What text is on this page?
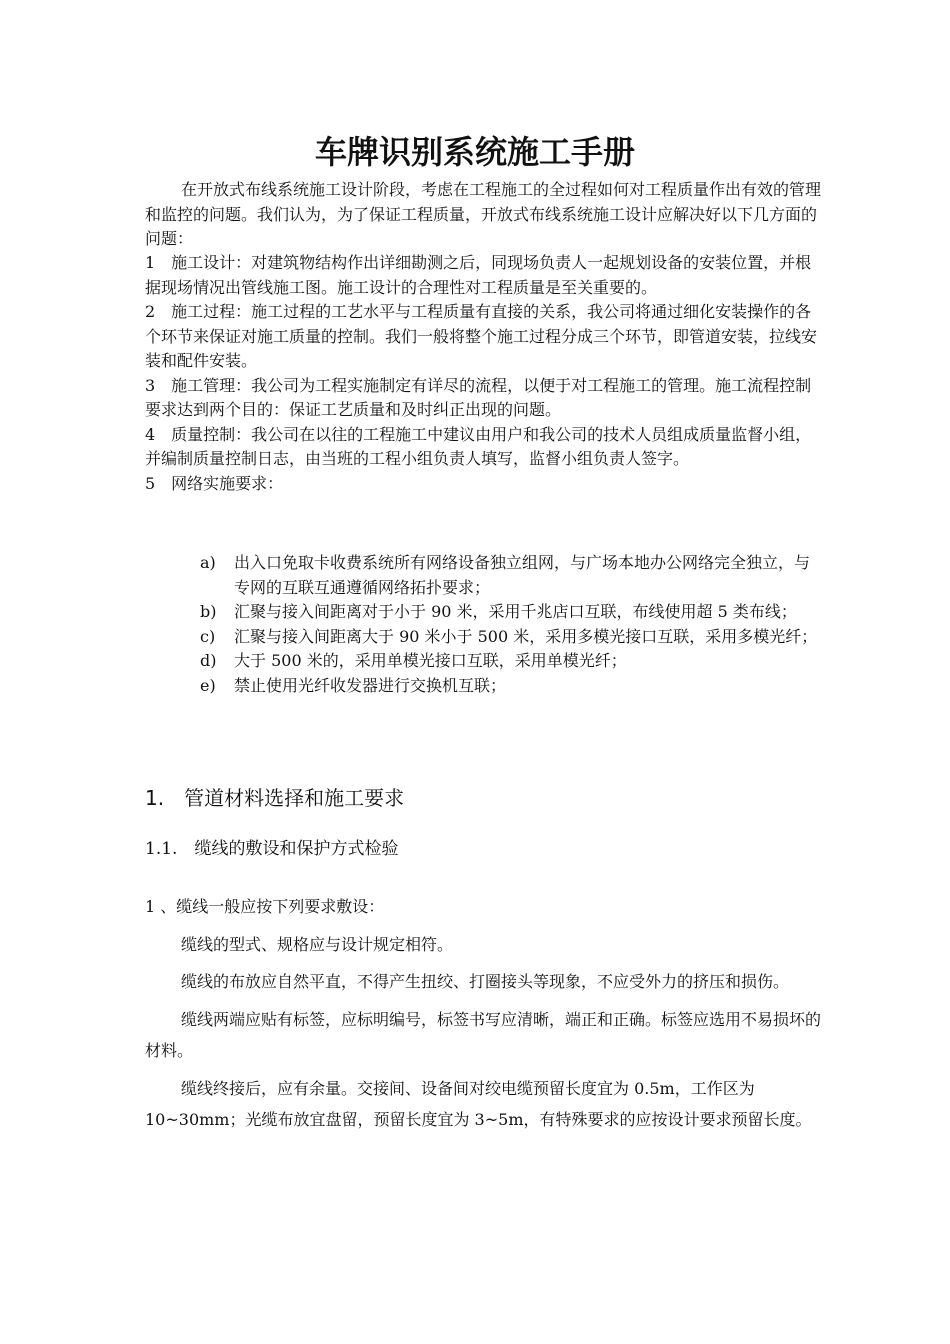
车牌识别系统施工手册
在开放式布线系统施工设计阶段，考虑在工程施工的全过程如何对工程质量作出有效的管理和监控的问题。我们认为，为了保证工程质量，开放式布线系统施工设计应解决好以下几方面的问题：

1　施工设计：对建筑物结构作出详细勘测之后，同现场负责人一起规划设备的安装位置，并根据现场情况出管线施工图。施工设计的合理性对工程质量是至关重要的。

2　施工过程：施工过程的工艺水平与工程质量有直接的关系，我公司将通过细化安装操作的各个环节来保证对施工质量的控制。我们一般将整个施工过程分成三个环节，即管道安装，拉线安装和配件安装。

3　施工管理：我公司为工程实施制定有详尽的流程，以便于对工程施工的管理。施工流程控制要求达到两个目的：保证工艺质量和及时纠正出现的问题。

4　质量控制：我公司在以往的工程施工中建议由用户和我公司的技术人员组成质量监督小组，并编制质量控制日志，由当班的工程小组负责人填写，监督小组负责人签字。

5　网络实施要求：

a)	出入口免取卡收费系统所有网络设备独立组网，与广场本地办公网络完全独立，与专网的互联互通遵循网络拓扑要求；
b)	汇聚与接入间距离对于小于 90 米，采用千兆店口互联，布线使用超 5 类布线；
c)	汇聚与接入间距离大于 90 米小于 500 米，采用多模光接口互联，采用多模光纤；
d)	大于 500 米的，采用单模光接口互联，采用单模光纤；
e)	禁止使用光纤收发器进行交换机互联；
1.　管道材料选择和施工要求
1.1.　缆线的敷设和保护方式检验

1 、缆线一般应按下列要求敷设：

缆线的型式、规格应与设计规定相符。

缆线的布放应自然平直，不得产生扭绞、打圈接头等现象，不应受外力的挤压和损伤。

缆线两端应贴有标签，应标明编号，标签书写应清晰，端正和正确。标签应选用不易损坏的材料。

缆线终接后，应有余量。交接间、设备间对绞电缆预留长度宜为 0.5m，工作区为 10~30mm；光缆布放宜盘留，预留长度宜为 3~5m，有特殊要求的应按设计要求预留长度。
